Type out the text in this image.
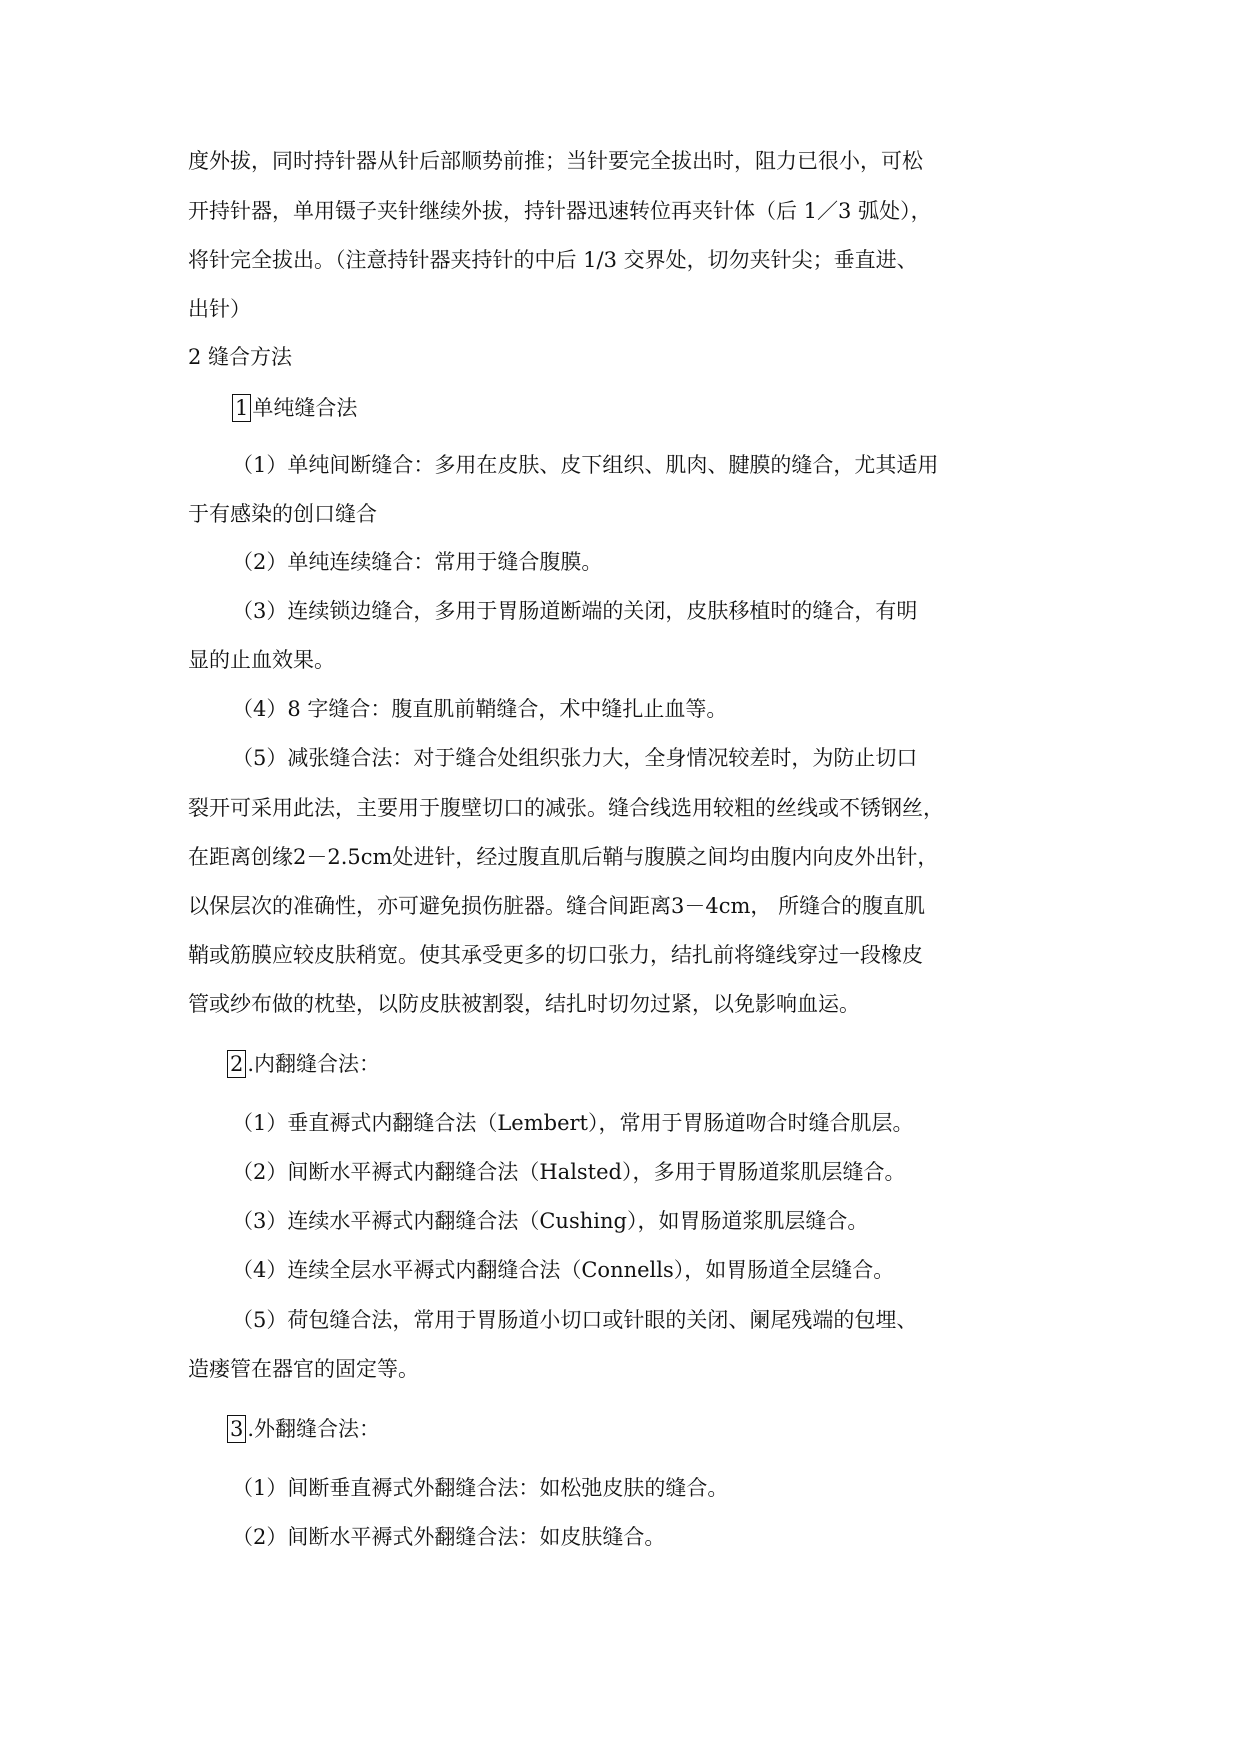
度外拔，同时持针器从针后部顺势前推；当针要完全拔出时，阻力已很小，可松
开持针器，单用镊子夹针继续外拔，持针器迅速转位再夹针体（后 1／3 弧处），
将针完全拔出。（注意持针器夹持针的中后 1/3 交界处，切勿夹针尖；垂直进、
出针）
2 缝合方法
1 单纯缝合法
（1）单纯间断缝合：多用在皮肤、皮下组织、肌肉、腱膜的缝合，尤其适用
于有感染的创口缝合
（2）单纯连续缝合：常用于缝合腹膜。
（3）连续锁边缝合，多用于胃肠道断端的关闭，皮肤移植时的缝合，有明
显的止血效果。
（4）8 字缝合：腹直肌前鞘缝合，术中缝扎止血等。
（5）减张缝合法：对于缝合处组织张力大，全身情况较差时，为防止切口
裂开可采用此法，主要用于腹壁切口的减张。缝合线选用较粗的丝线或不锈钢丝，
在距离创缘2－2.5cm处进针，经过腹直肌后鞘与腹膜之间均由腹内向皮外出针，
以保层次的准确性，亦可避免损伤脏器。缝合间距离3－4cm， 所缝合的腹直肌
鞘或筋膜应较皮肤稍宽。使其承受更多的切口张力，结扎前将缝线穿过一段橡皮
管或纱布做的枕垫，以防皮肤被割裂，结扎时切勿过紧，以免影响血运。
2 .内翻缝合法：
（1）垂直褥式内翻缝合法（Lembert），常用于胃肠道吻合时缝合肌层。
（2）间断水平褥式内翻缝合法（Halsted），多用于胃肠道浆肌层缝合。
（3）连续水平褥式内翻缝合法（Cushing），如胃肠道浆肌层缝合。
（4）连续全层水平褥式内翻缝合法（Connells），如胃肠道全层缝合。
（5）荷包缝合法，常用于胃肠道小切口或针眼的关闭、阑尾残端的包埋、
造瘘管在器官的固定等。
3 .外翻缝合法：
（1）间断垂直褥式外翻缝合法：如松弛皮肤的缝合。
（2）间断水平褥式外翻缝合法：如皮肤缝合。
